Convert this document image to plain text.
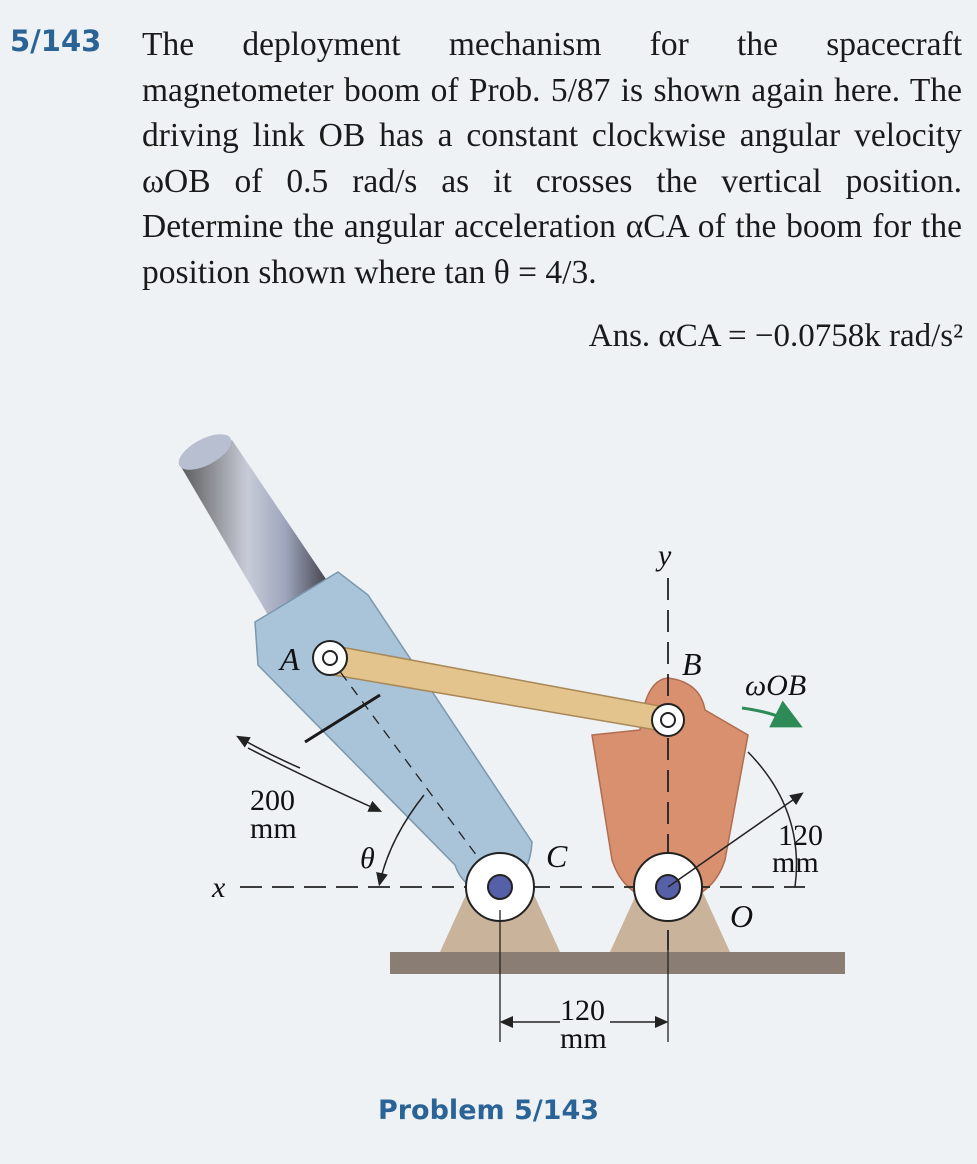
5/143 The deployment mechanism for the spacecraft magnetometer boom of Prob. 5/87 is shown again here. The driving link OB has a constant clockwise angular velocity ωOB of 0.5 rad/s as it crosses the vertical position. Determine the angular acceleration αCA of the boom for the position shown where tan θ = 4/3.
Ans. αCA = −0.0758k rad/s²
y
x
A	B
C
O
θ
ωOB
200
mm	120
mm
120
mm
Problem 5/143
